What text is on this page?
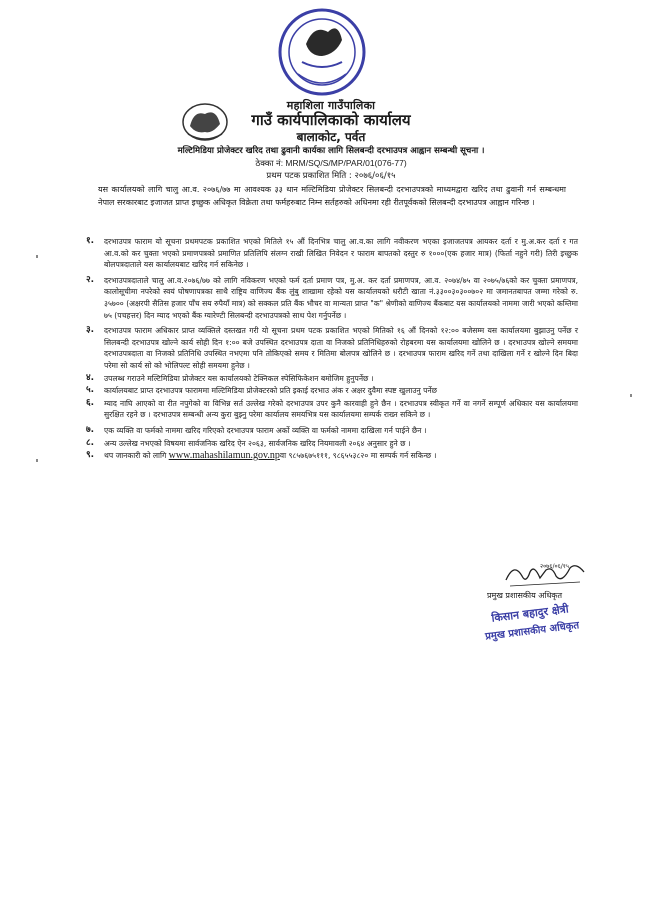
महाशिला गाउँपालिका
गाउँ कार्यपालिकाको कार्यालय
बालाकोट, पर्वत
मल्टिमिडिया प्रोजेक्टर खरिद तथा ढुवानी कार्यका लागि सिलबन्दी दरभाउपत्र आह्वान सम्बन्धी सूचना ।
ठेक्का नं: MRM/SQ/S/MP/PAR/01(076-77)
प्रथम पटक प्रकाशित मिति : २०७६/०६/१५

यस कार्यालयको लागि चालु आ.व. २०७६/७७ मा आवश्यक ३३ थान मल्टिमिडिया प्रोजेक्टर सिलबन्दी दरभाउपत्रको माध्यमद्वारा खरिद तथा ढुवानी गर्न सम्बन्धमा नेपाल सरकारबाट इजाजत प्राप्त इच्छुक अधिकृत विक्रेता तथा फर्महरुबाट निम्न सर्तहरुको अधिनमा रही रीतपूर्वकको सिलबन्दी दरभाउपत्र आह्वान गरिन्छ ।

१. दरभाउपत्र फाराम यो सूचना प्रथमपटक प्रकाशित भएको मितिले १५ औं दिनभित्र चालु आ.व.का लागि नवीकरण भएका इजाजतपत्र आयकर दर्ता र मु.अ.कर दर्ता र गत आ.व.को कर चुक्ता भएको प्रमाणपत्रको प्रमाणित प्रतिलिपि संलग्न राखी लिखित निवेदन र फाराम बापतको दस्तुर रु १०००(एक हजार मात्र) (फिर्ता नहुने गरी) तिरी इच्छुक बोलपत्रदाताले यस कार्यालयबाट खरिद गर्न सकिनेछ ।
२. दरभाउपत्रदाताले चालु आ.व.२०७६/७७ को लागि नविकरण भएको फर्म दर्ता प्रमाण पत्र, मु.अ. कर दर्ता प्रमाणपत्र, आ.व. २०७४/७५ वा २०७५/७६को कर चुक्ता प्रमाणपत्र, कालोसूचीमा नपरेको स्वयं घोषणापत्रका साथै राष्ट्रिय वाणिज्य बैंक लुंबु शाखामा रहेको यस कार्यालयको धरौटी खाता नं.३३००३०३००७०२ मा जमानतबापत जम्मा गरेको रु. ३५७०० (अक्षरपी सैतिस हजार पाँच सय रुपैयाँ मात्र) को सक्कल प्रति बैंक भौचर वा मान्यता प्राप्त "क" श्रेणीको वाणिज्य बैंकबाट यस कार्यालयको नाममा जारी भएको कम्तिमा ७५ (पचहत्तर) दिन म्याद भएको बैंक ग्यारेण्टी सिलबन्दी दरभाउपत्रको साथ पेश गर्नुपर्नेछ ।
३. दरभाउपत्र फाराम अधिकार प्राप्त व्यक्तिले दस्तखत गरी यो सूचना प्रथम पटक प्रकाशित भएको मितिको १६ औं दिनको १२:०० बजेसम्म यस कार्यालयमा बुझाउनु पर्नेछ र सिलबन्दी दरभाउपत्र खोल्ने कार्य सोही दिन १:०० बजे उपस्थित दरभाउपत्र दाता वा निजको प्रतिनिधिहरुको रोहबरमा यस कार्यालयमा खोलिने छ । दरभाउपत्र खोल्ने समयमा दरभाउपत्रदाता वा निजको प्रतिनिधि उपस्थित नभएमा पनि तोकिएको समय र मितिमा बोलपत्र खोलिने छ । दरभाउपत्र फाराम खरिद गर्ने तथा दाखिला गर्ने र खोल्ने दिन बिदा परेमा सो कार्य सो को भोलिपल्ट सोही समयमा हुनेछ ।
४. उपलब्ध गराउने मल्टिमिडिया प्रोजेक्टर यस कार्यालयको टेक्निकल स्पेसिफिकेशन बमोजिम हुनुपर्नेछ ।
५. कार्यालयबाट प्राप्त दरभाउपत्र फाराममा मल्टिमिडिया प्रोजेक्टरको प्रति इकाई दरभाउ अंक र अक्षर दुवैमा स्पष्ट खुलाउनु पर्नेछ
६. म्याद नाघि आएको वा रीत नपुगेको वा विभिन्न सर्त उल्लेख गरेको दरभाउपत्र उपर कुनै कारवाही हुने छैन । दरभाउपत्र स्वीकृत गर्ने वा नगर्ने सम्पूर्ण अधिकार यस कार्यालयमा सुरक्षित रहने छ । दरभाउपत्र सम्बन्धी अन्य कुरा बुझ्नु परेमा कार्यालय समयभित्र यस कार्यालयमा सम्पर्क राख्न सकिने छ ।
७. एक व्यक्ति वा फर्मको नाममा खरिद गरिएको दरभाउपत्र फाराम अर्को व्यक्ति वा फर्मको नाममा दाखिला गर्न पाईने छैन ।
८. अन्य उल्लेख नभएको विषयमा सार्वजनिक खरिद ऐन २०६३, सार्वजनिक खरिद नियमावली २०६४ अनुसार हुने छ ।
९. थप जानकारी को लागि www.mahashilamun.gov.npवा ९८५७६७५१११, ९८६५५३८२० मा सम्पर्क गर्न सकिन्छ ।
२०७६/०६/१५
प्रमुख प्रशासकीय अधिकृत
किसान बहादुर क्षेत्री
प्रमुख प्रशासकीय अधिकृत
